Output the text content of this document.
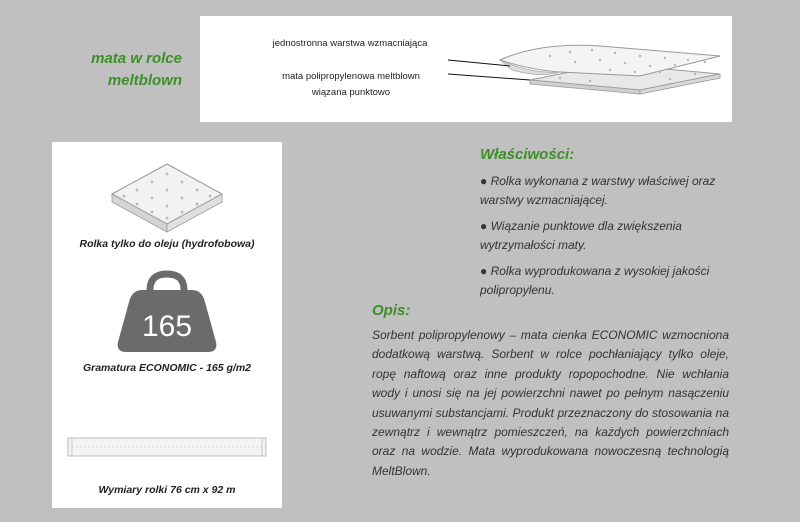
mata w rolce
meltblown
jednostronna warstwa wzmacniająca
mata polipropylenowa meltblown
wiązana punktowo
Rolka tylko do oleju (hydrofobowa)
165
Gramatura ECONOMIC - 165 g/m2
Wymiary rolki 76 cm x 92 m
Właściwości:
● Rolka wykonana z warstwy właściwej oraz warstwy wzmacniającej.
● Wiązanie punktowe dla zwiększenia wytrzymałości maty.
● Rolka wyprodukowana z wysokiej jakości polipropylenu.
Opis:
Sorbent polipropylenowy – mata cienka ECONOMIC wzmocniona dodatkową warstwą. Sorbent w rolce pochłaniający tylko oleje, ropę naftową oraz inne produkty ropopochodne. Nie wchłania wody i unosi się na jej powierzchni nawet po pełnym nasączeniu usuwanymi substancjami. Produkt przeznaczony do stosowania na zewnątrz i wewnątrz pomieszczeń, na każdych powierzchniach oraz na wodzie. Mata wyprodukowana nowoczesną technologią MeltBlown.
